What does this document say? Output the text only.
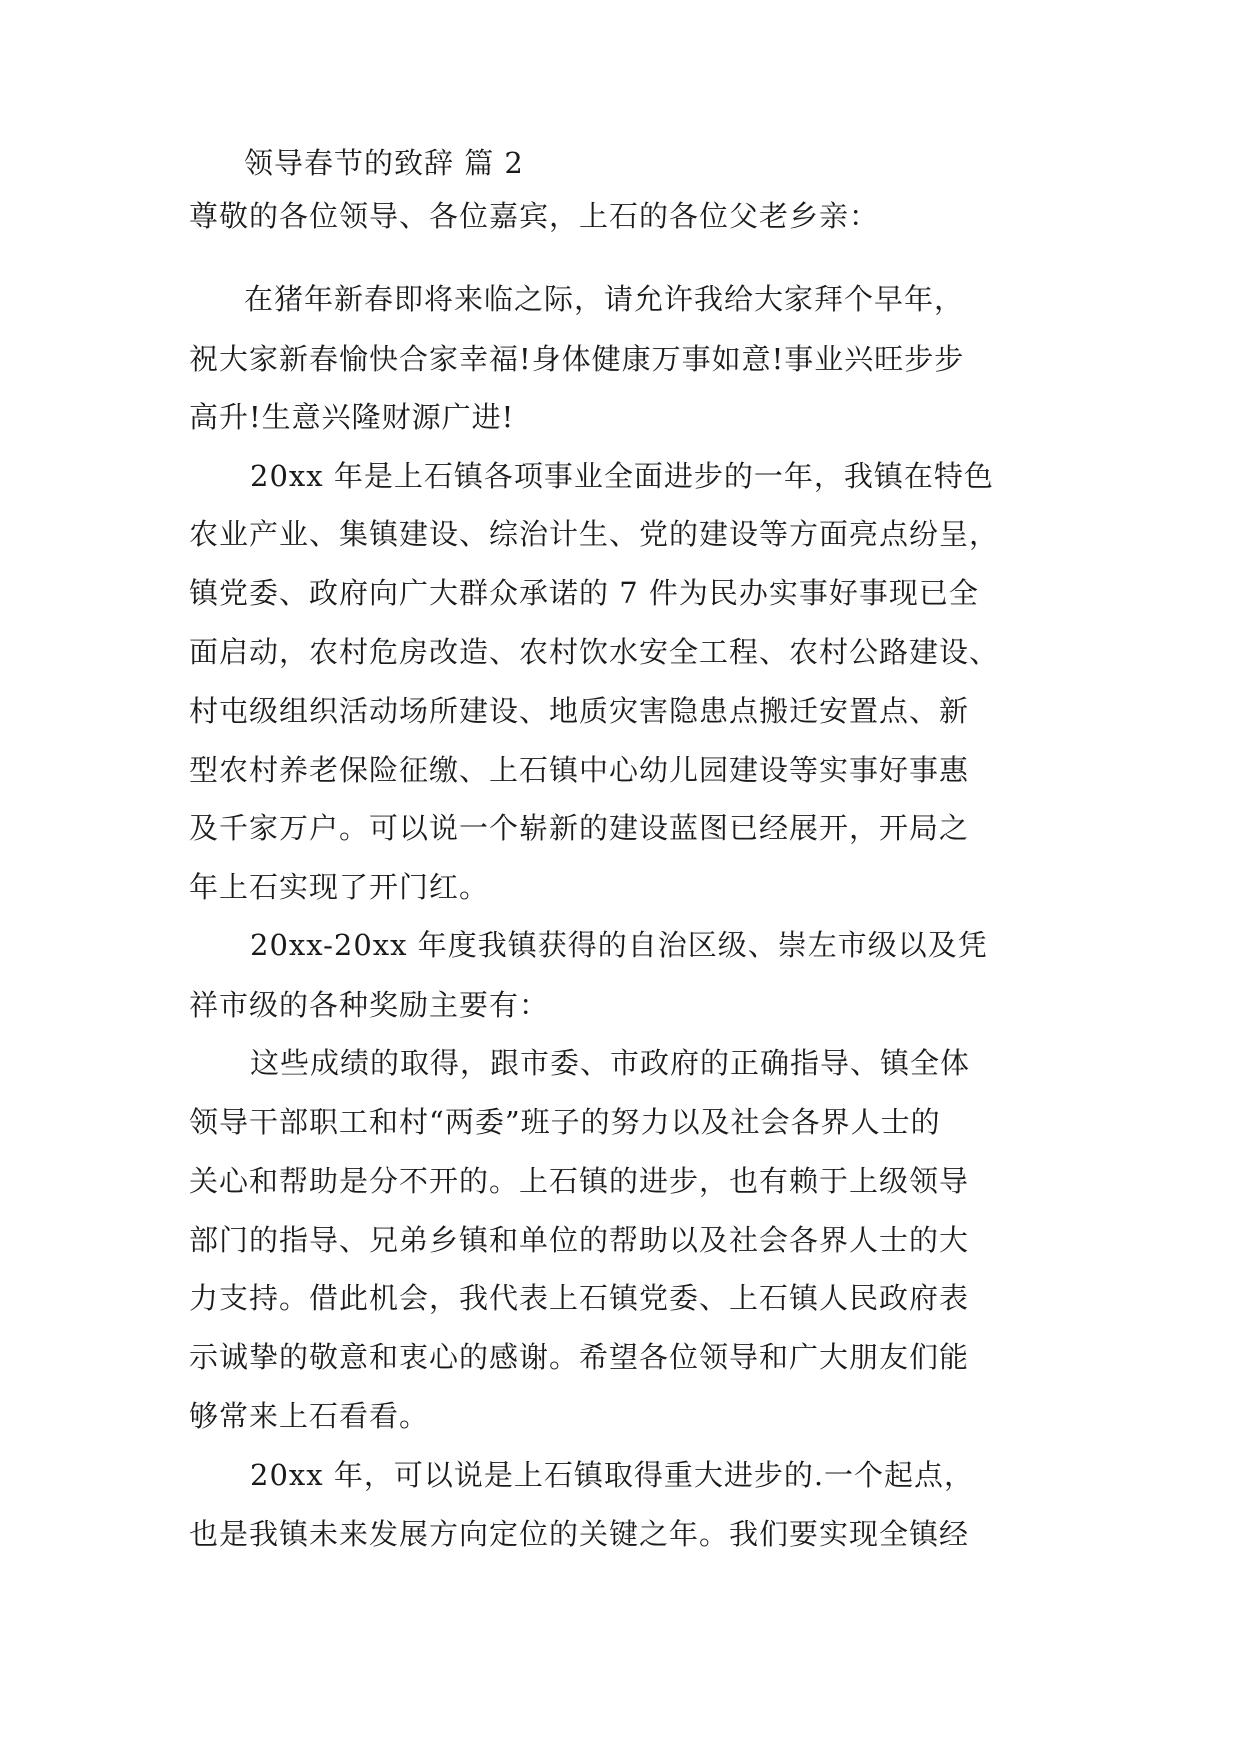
领导春节的致辞 篇 2
尊敬的各位领导、各位嘉宾，上石的各位父老乡亲：
在猪年新春即将来临之际，请允许我给大家拜个早年，
祝大家新春愉快合家幸福!身体健康万事如意!事业兴旺步步
高升!生意兴隆财源广进!
20xx 年是上石镇各项事业全面进步的一年，我镇在特色
农业产业、集镇建设、综治计生、党的建设等方面亮点纷呈，
镇党委、政府向广大群众承诺的 7 件为民办实事好事现已全
面启动，农村危房改造、农村饮水安全工程、农村公路建设、
村屯级组织活动场所建设、地质灾害隐患点搬迁安置点、新
型农村养老保险征缴、上石镇中心幼儿园建设等实事好事惠
及千家万户。可以说一个崭新的建设蓝图已经展开，开局之
年上石实现了开门红。
20xx-20xx 年度我镇获得的自治区级、崇左市级以及凭
祥市级的各种奖励主要有：
这些成绩的取得，跟市委、市政府的正确指导、镇全体
领导干部职工和村“两委”班子的努力以及社会各界人士的
关心和帮助是分不开的。上石镇的进步，也有赖于上级领导
部门的指导、兄弟乡镇和单位的帮助以及社会各界人士的大
力支持。借此机会，我代表上石镇党委、上石镇人民政府表
示诚挚的敬意和衷心的感谢。希望各位领导和广大朋友们能
够常来上石看看。
20xx 年，可以说是上石镇取得重大进步的.一个起点，
也是我镇未来发展方向定位的关键之年。我们要实现全镇经
